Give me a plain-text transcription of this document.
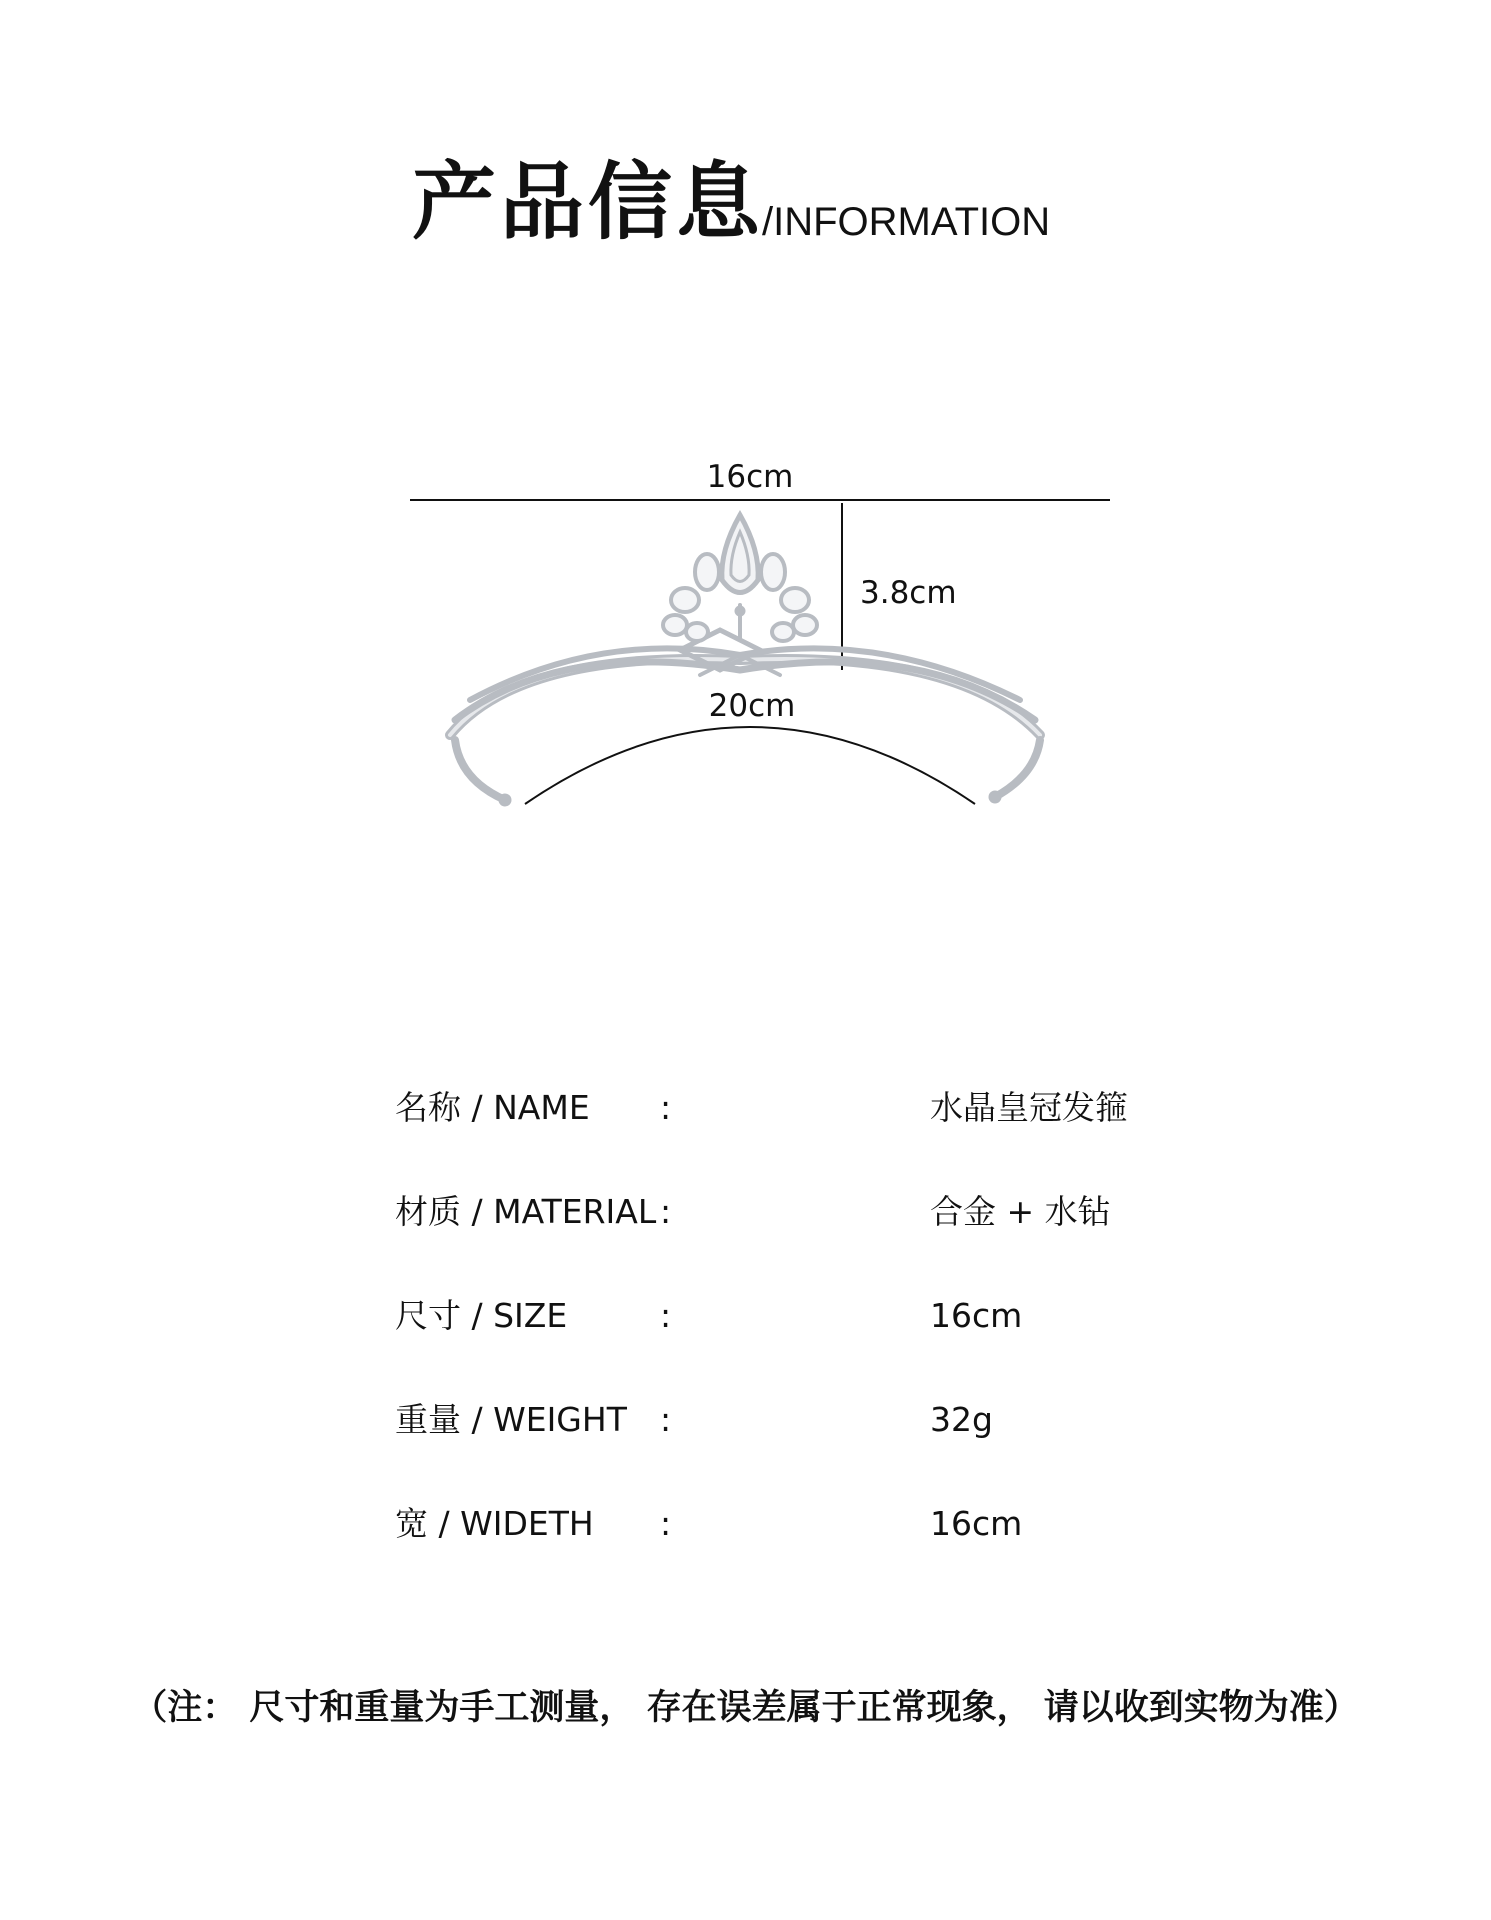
产品信息
/INFORMATION
16cm
3.8cm
20cm
名称 / NAME :	水晶皇冠发箍
材质 / MATERIAL :	合金 + 水钻
尺寸 / SIZE	:	16cm
重量 / WEIGHT :	32g
宽 / WIDETH :	16cm
（注： 尺寸和重量为手工测量， 存在误差属于正常现象， 请以收到实物为准）
